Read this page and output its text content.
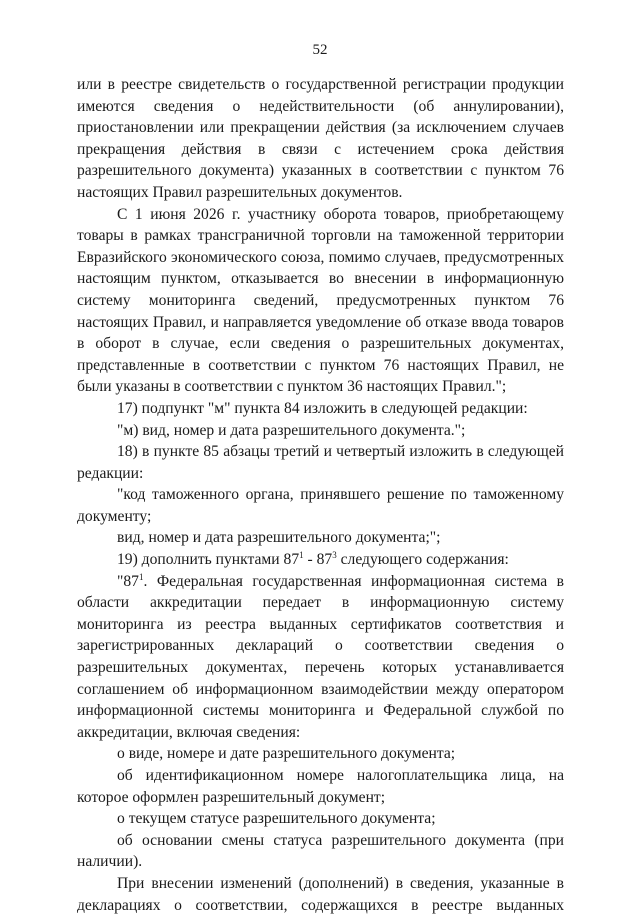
52

или в реестре свидетельств о государственной регистрации продукции имеются сведения о недействительности (об аннулировании), приостановлении или прекращении действия (за исключением случаев прекращения действия в связи с истечением срока действия разрешительного документа) указанных в соответствии с пунктом 76 настоящих Правил разрешительных документов.

С 1 июня 2026 г. участнику оборота товаров, приобретающему товары в рамках трансграничной торговли на таможенной территории Евразийского экономического союза, помимо случаев, предусмотренных настоящим пунктом, отказывается во внесении в информационную систему мониторинга сведений, предусмотренных пунктом 76 настоящих Правил, и направляется уведомление об отказе ввода товаров в оборот в случае, если сведения о разрешительных документах, представленные в соответствии с пунктом 76 настоящих Правил, не были указаны в соответствии с пунктом 36 настоящих Правил.";

17) подпункт "м" пункта 84 изложить в следующей редакции:

"м) вид, номер и дата разрешительного документа.";

18) в пункте 85 абзацы третий и четвертый изложить в следующей редакции:

"код таможенного органа, принявшего решение по таможенному документу;

вид, номер и дата разрешительного документа;";

19) дополнить пунктами $87^1 - 87^3$ следующего содержания:

"$87^1$. Федеральная государственная информационная система в области аккредитации передает в информационную систему мониторинга из реестра выданных сертификатов соответствия и зарегистрированных деклараций о соответствии сведения о разрешительных документах, перечень которых устанавливается соглашением об информационном взаимодействии между оператором информационной системы мониторинга и Федеральной службой по аккредитации, включая сведения:

о виде, номере и дате разрешительного документа;

об идентификационном номере налогоплательщика лица, на которое оформлен разрешительный документ;

о текущем статусе разрешительного документа;

об основании смены статуса разрешительного документа (при наличии).

При внесении изменений (дополнений) в сведения, указанные в декларациях о соответствии, содержащихся в реестре выданных
